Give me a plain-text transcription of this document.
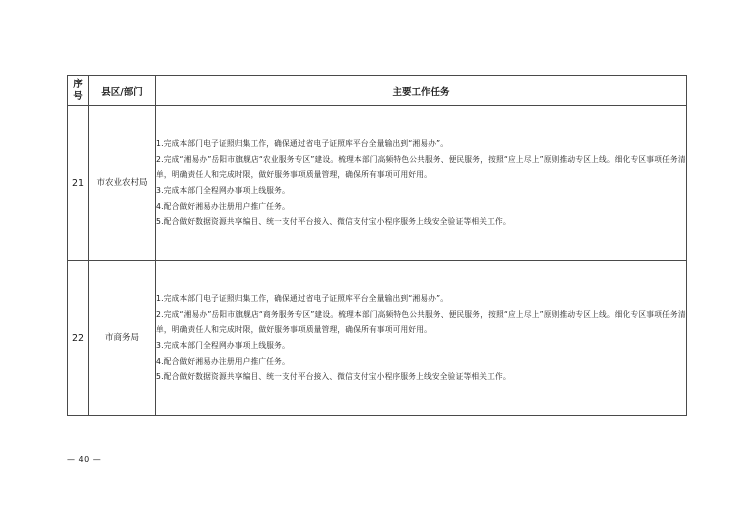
序
号	县区/部门	主要工作任务
21	市农业农村局	1.完成本部门电子证照归集工作，确保通过省电子证照库平台全量输出到“湘易办”。
2.完成“湘易办”岳阳市旗舰店“农业服务专区”建设。梳理本部门高频特色公共服务、便民服务，按照“应上尽上”原则推动专区上线。细化专区事项任务清单，明确责任人和完成时限，做好服务事项质量管理，确保所有事项可用好用。
3.完成本部门全程网办事项上线服务。
4.配合做好湘易办注册用户推广任务。
5.配合做好数据资源共享编目、统一支付平台接入、微信支付宝小程序服务上线安全验证等相关工作。

22	市商务局	1.完成本部门电子证照归集工作，确保通过省电子证照库平台全量输出到“湘易办”。
2.完成“湘易办”岳阳市旗舰店“商务服务专区”建设。梳理本部门高频特色公共服务、便民服务，按照“应上尽上”原则推动专区上线。细化专区事项任务清单，明确责任人和完成时限，做好服务事项质量管理，确保所有事项可用好用。
3.完成本部门全程网办事项上线服务。
4.配合做好湘易办注册用户推广任务。
5.配合做好数据资源共享编目、统一支付平台接入、微信支付宝小程序服务上线安全验证等相关工作。
— 40 —
